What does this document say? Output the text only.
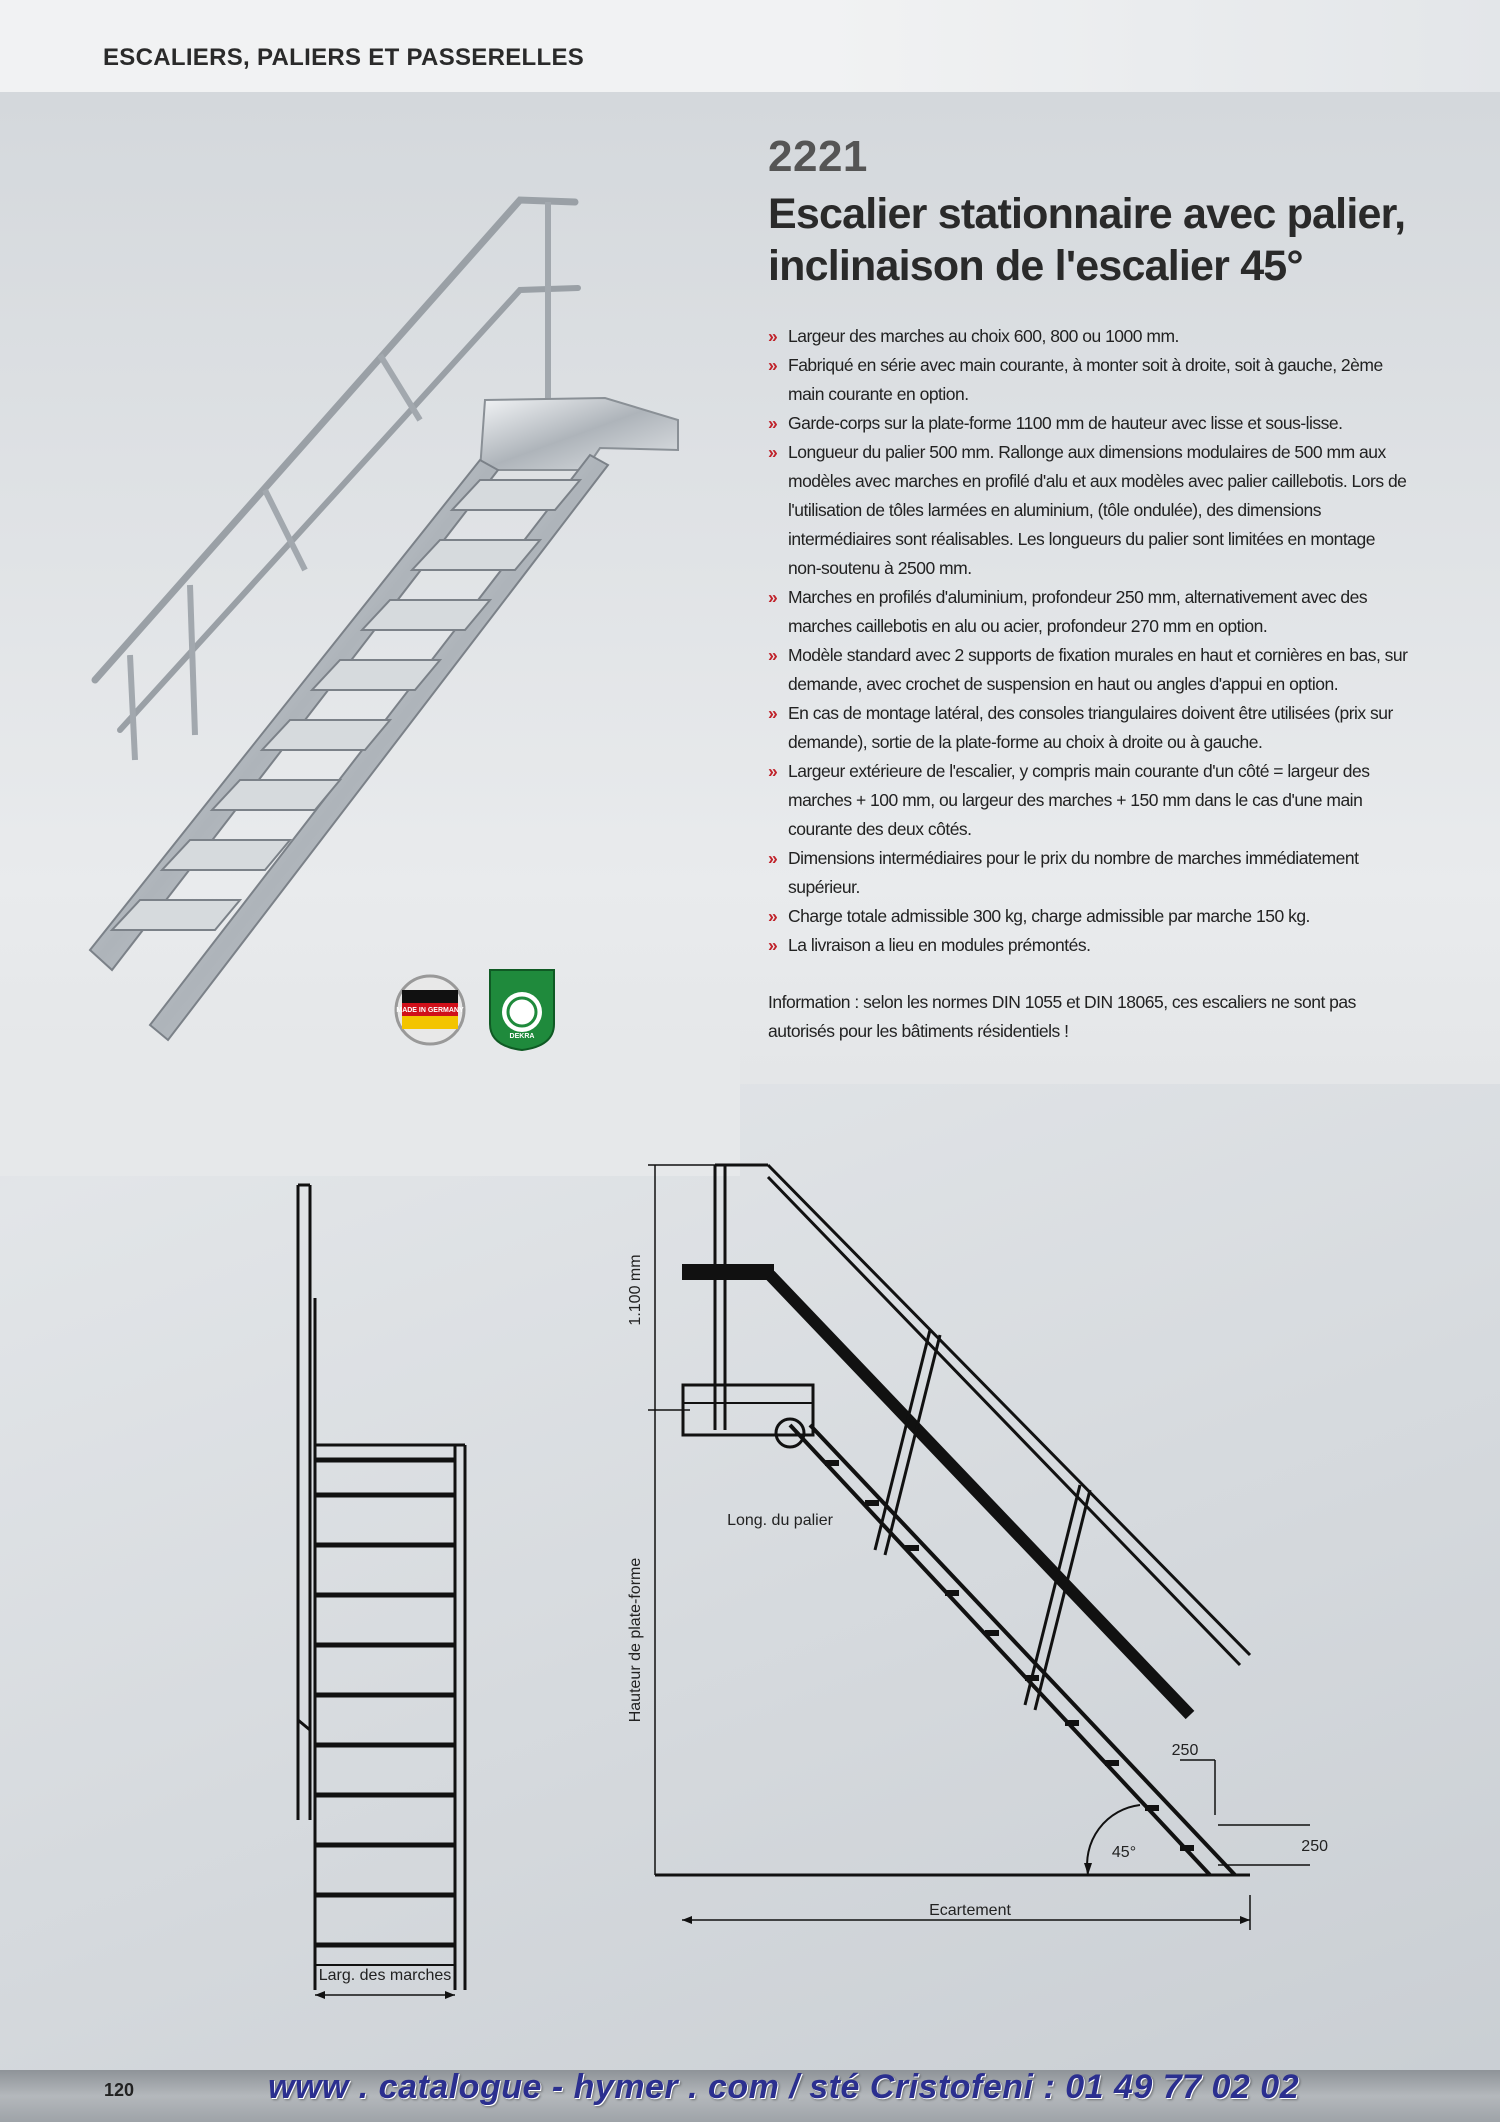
ESCALIERS, PALIERS ET PASSERELLES
MADE IN GERMANY
DEKRA
2221
Escalier stationnaire avec palier,
inclinaison de l'escalier 45°
» Largeur des marches au choix 600, 800 ou 1000 mm.
» Fabriqué en série avec main courante, à monter soit à droite, soit à gauche, 2ème main courante en option.
» Garde-corps sur la plate-forme 1100 mm de hauteur avec lisse et sous-lisse.
» Longueur du palier 500 mm. Rallonge aux dimensions modulaires de 500 mm aux modèles avec marches en profilé d'alu et aux modèles avec palier caillebotis. Lors de l'utilisation de tôles larmées en aluminium, (tôle ondulée), des dimensions intermédiaires sont réalisables. Les longueurs du palier sont limitées en montage non-soutenu à 2500 mm.
» Marches en profilés d'aluminium, profondeur 250 mm, alternativement avec des marches caillebotis en alu ou acier, profondeur 270 mm en option.
» Modèle standard avec 2 supports de fixation murales en haut et cornières en bas, sur demande, avec crochet de suspension en haut ou angles d'appui en option.
» En cas de montage latéral, des consoles triangulaires doivent être utilisées (prix sur demande), sortie de la plate-forme au choix à droite ou à gauche.
» Largeur extérieure de l'escalier, y compris main courante d'un côté = largeur des marches + 100 mm, ou largeur des marches + 150 mm dans le cas d'une main courante des deux côtés.
» Dimensions intermédiaires pour le prix du nombre de marches immédiatement supérieur.
» Charge totale admissible 300 kg, charge admissible par marche 150 kg.
» La livraison a lieu en modules prémontés.
Information : selon les normes DIN 1055 et DIN 18065, ces escaliers ne sont pas autorisés pour les bâtiments résidentiels !
Larg. des marches
1.100 mm
Hauteur de plate-forme
Long. du palier
250
250
45°
Ecartement
120	www . catalogue - hymer . com / sté Cristofeni : 01 49 77 02 02
